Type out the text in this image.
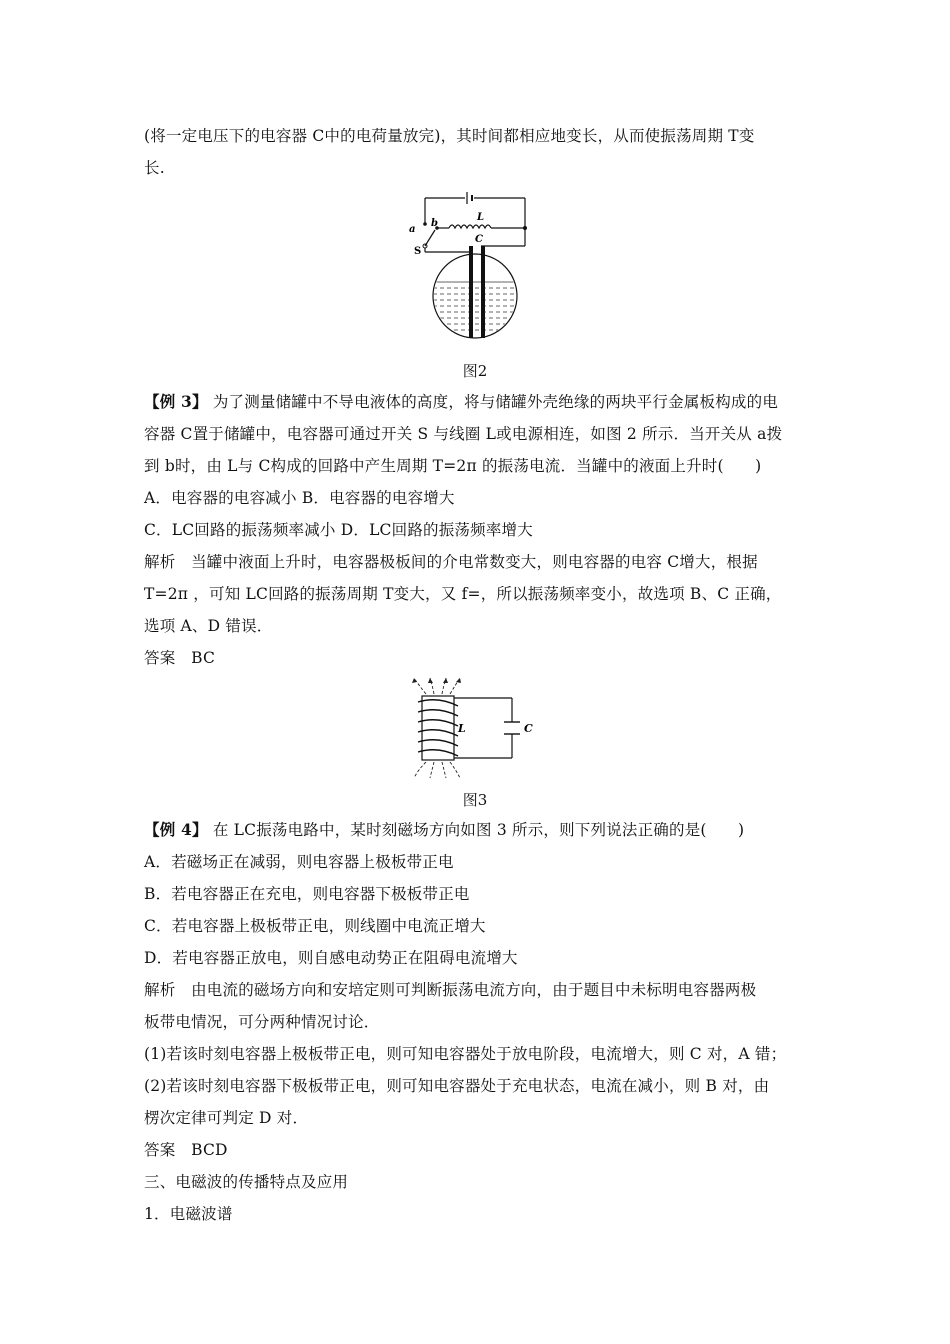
(将一定电压下的电容器 C中的电荷量放完)，其时间都相应地变长，从而使振荡周期 T变
长.
a
b
L
C
S
图2
【例 3】 为了测量储罐中不导电液体的高度，将与储罐外壳绝缘的两块平行金属板构成的电
容器 C置于储罐中，电容器可通过开关 S 与线圈 L或电源相连，如图 2 所示．当开关从 a拨
到 b时，由 L与 C构成的回路中产生周期 T=2π 的振荡电流．当罐中的液面上升时(　　)
A．电容器的电容减小 B．电容器的电容增大
C．LC回路的振荡频率减小 D．LC回路的振荡频率增大
解析　当罐中液面上升时，电容器极板间的介电常数变大，则电容器的电容 C增大，根据
T=2π ，可知 LC回路的振荡周期 T变大，又 f=，所以振荡频率变小，故选项 B、C 正确，
选项 A、D 错误．
答案　BC
L	C
图3
【例 4】 在 LC振荡电路中，某时刻磁场方向如图 3 所示，则下列说法正确的是(　　)
A．若磁场正在减弱，则电容器上极板带正电
B．若电容器正在充电，则电容器下极板带正电
C．若电容器上极板带正电，则线圈中电流正增大
D．若电容器正放电，则自感电动势正在阻碍电流增大
解析　由电流的磁场方向和安培定则可判断振荡电流方向，由于题目中未标明电容器两极
板带电情况，可分两种情况讨论．
(1)若该时刻电容器上极板带正电，则可知电容器处于放电阶段，电流增大，则 C 对，A 错；
(2)若该时刻电容器下极板带正电，则可知电容器处于充电状态，电流在减小，则 B 对，由
楞次定律可判定 D 对．
答案　BCD
三、电磁波的传播特点及应用
1．电磁波谱
